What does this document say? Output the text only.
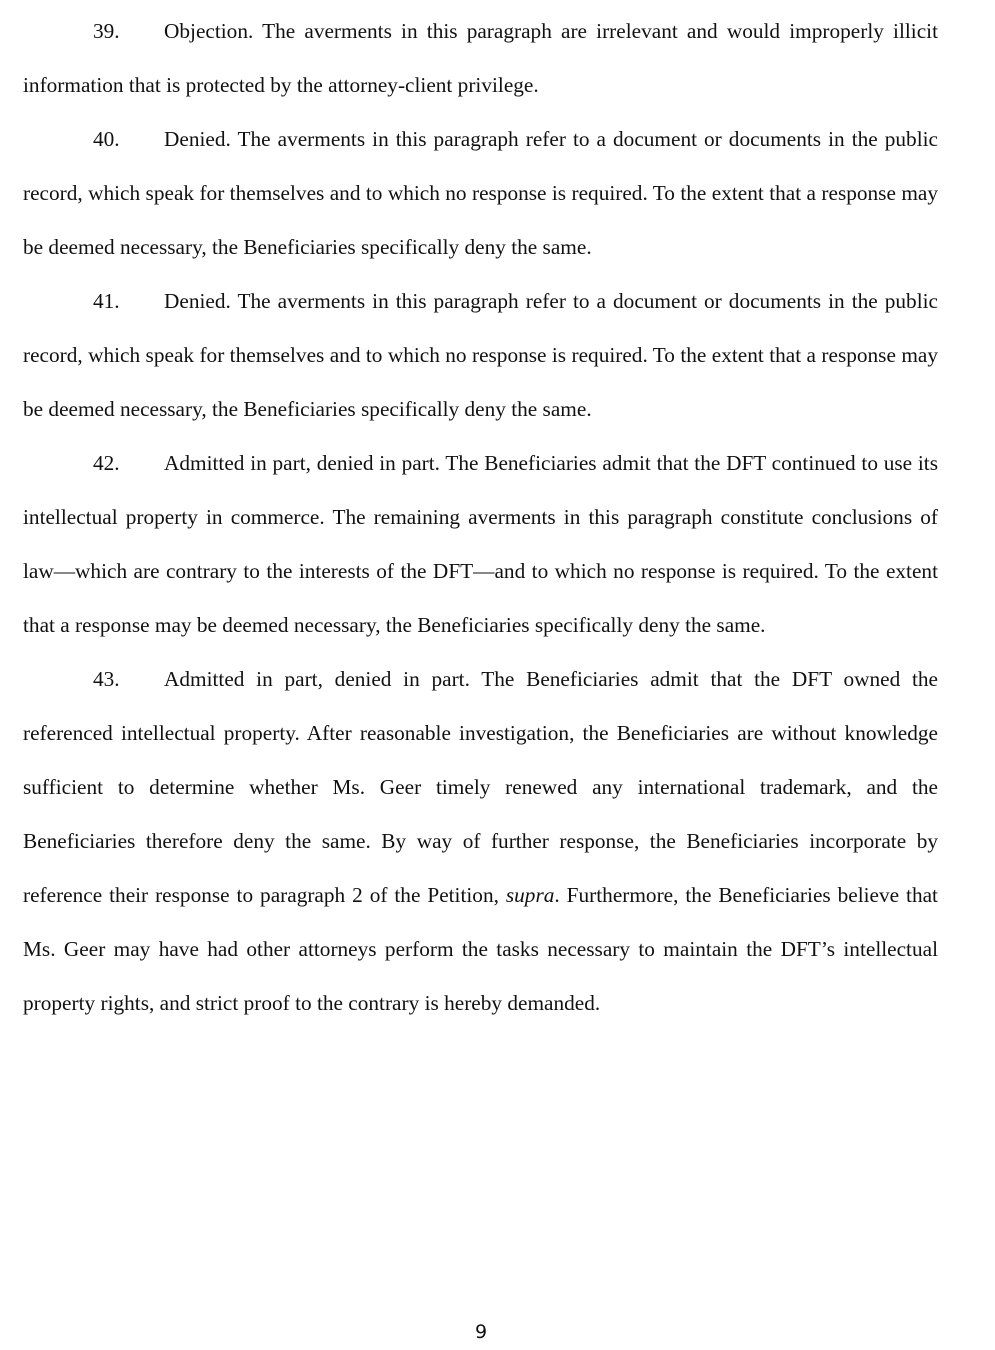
39. Objection. The averments in this paragraph are irrelevant and would improperly illicit information that is protected by the attorney-client privilege.

40. Denied. The averments in this paragraph refer to a document or documents in the public record, which speak for themselves and to which no response is required. To the extent that a response may be deemed necessary, the Beneficiaries specifically deny the same.

41. Denied. The averments in this paragraph refer to a document or documents in the public record, which speak for themselves and to which no response is required. To the extent that a response may be deemed necessary, the Beneficiaries specifically deny the same.

42. Admitted in part, denied in part. The Beneficiaries admit that the DFT continued to use its intellectual property in commerce. The remaining averments in this paragraph constitute conclusions of law—which are contrary to the interests of the DFT—and to which no response is required. To the extent that a response may be deemed necessary, the Beneficiaries specifically deny the same.

43. Admitted in part, denied in part. The Beneficiaries admit that the DFT owned the referenced intellectual property. After reasonable investigation, the Beneficiaries are without knowledge sufficient to determine whether Ms. Geer timely renewed any international trademark, and the Beneficiaries therefore deny the same. By way of further response, the Beneficiaries incorporate by reference their response to paragraph 2 of the Petition, supra. Furthermore, the Beneficiaries believe that Ms. Geer may have had other attorneys perform the tasks necessary to maintain the DFT’s intellectual property rights, and strict proof to the contrary is hereby demanded.

9
